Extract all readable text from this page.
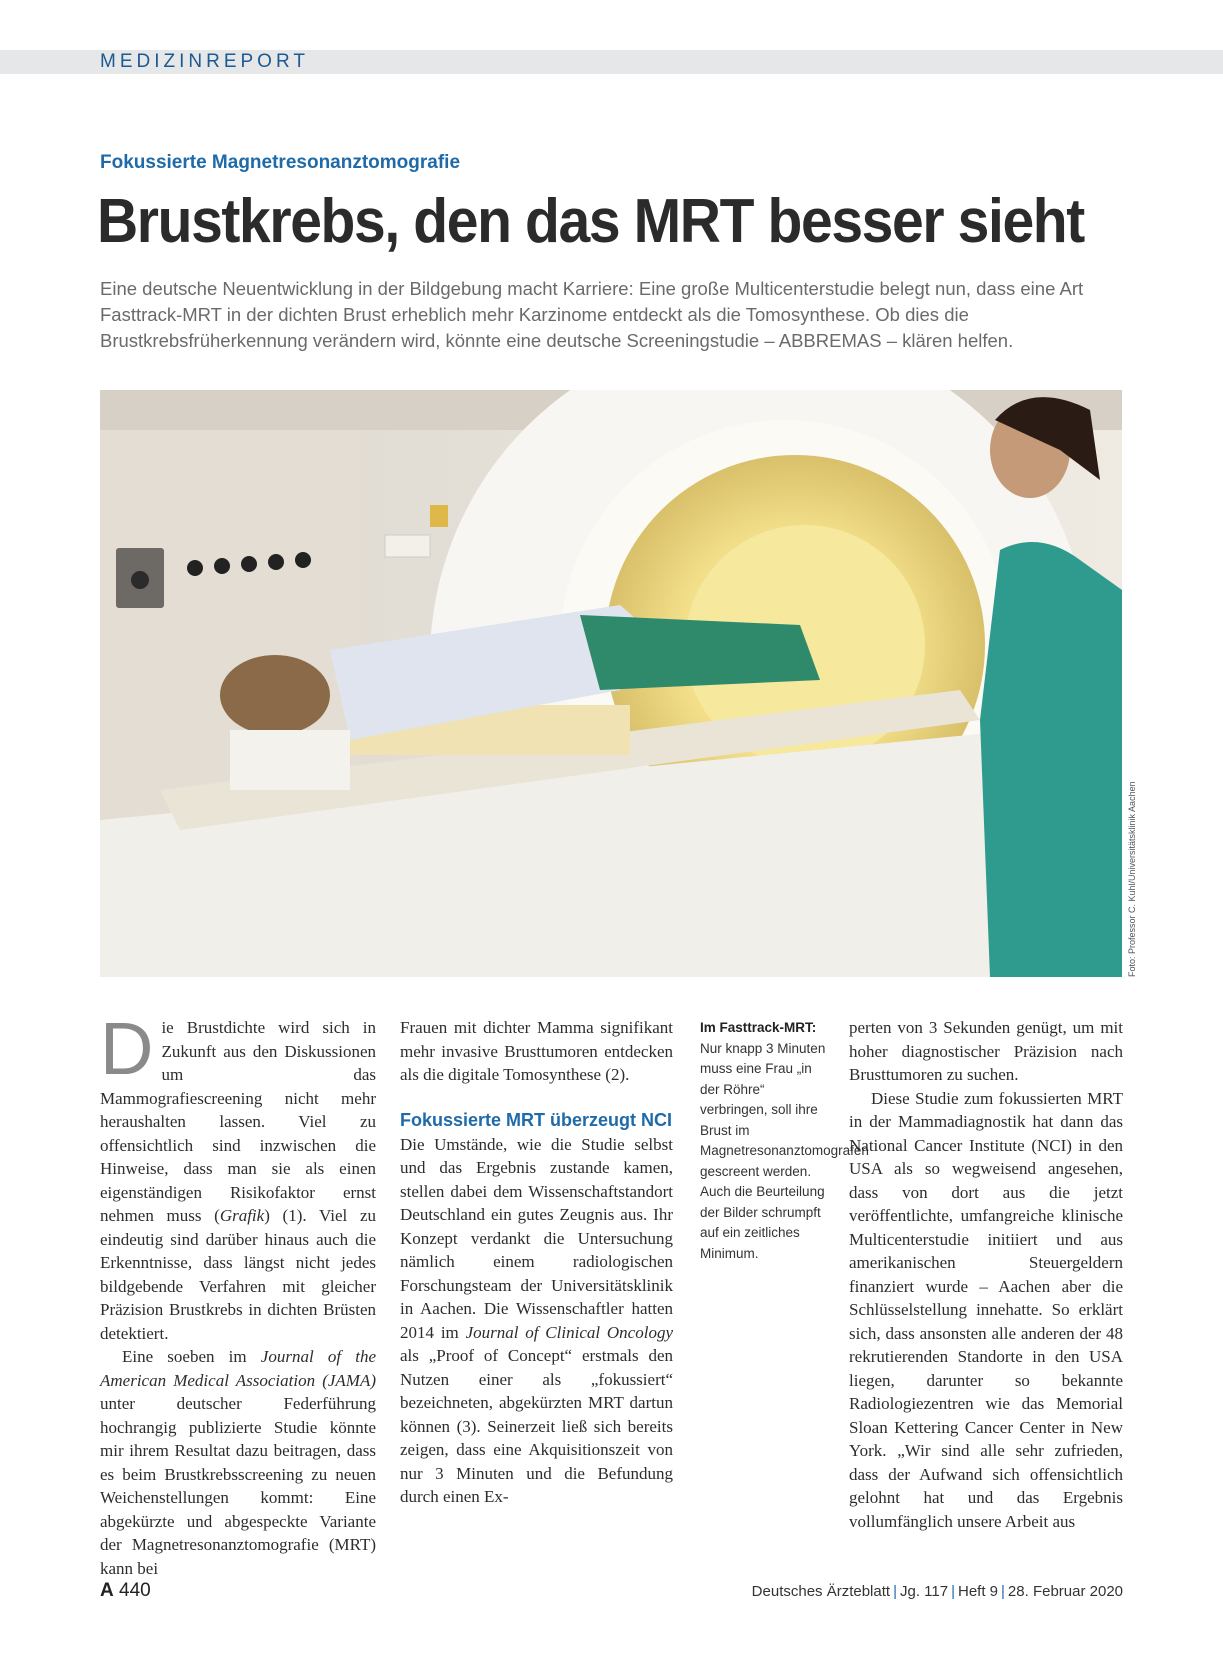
MEDIZINREPORT
Fokussierte Magnetresonanztomografie
Brustkrebs, den das MRT besser sieht

Eine deutsche Neuentwicklung in der Bildgebung macht Karriere: Eine große Multicenterstudie belegt nun, dass eine Art Fasttrack-MRT in der dichten Brust erheblich mehr Karzinome entdeckt als die Tomosynthese. Ob dies die Brustkrebsfrüherkennung verändern wird, könnte eine deutsche Screeningstudie – ABBREMAS – klären helfen.

Foto: Professor C. Kuhl/Universitätsklinik Aachen

Die Brustdichte wird sich in Zukunft aus den Diskussionen um das Mammografiescreening nicht mehr heraushalten lassen. Viel zu offensichtlich sind inzwischen die Hinweise, dass man sie als einen eigenständigen Risikofaktor ernst nehmen muss (Grafik) (1). Viel zu eindeutig sind darüber hinaus auch die Erkenntnisse, dass längst nicht jedes bildgebende Verfahren mit gleicher Präzision Brustkrebs in dichten Brüsten detektiert.

Eine soeben im Journal of the American Medical Association (JAMA) unter deutscher Federführung hochrangig publizierte Studie könnte mir ihrem Resultat dazu beitragen, dass es beim Brustkrebsscreening zu neuen Weichenstellungen kommt: Eine abgekürzte und abgespeckte Variante der Magnetresonanztomografie (MRT) kann bei

Frauen mit dichter Mamma signifikant mehr invasive Brusttumoren entdecken als die digitale Tomosynthese (2).

Fokussierte MRT überzeugt NCI

Die Umstände, wie die Studie selbst und das Ergebnis zustande kamen, stellen dabei dem Wissenschaftstandort Deutschland ein gutes Zeugnis aus. Ihr Konzept verdankt die Untersuchung nämlich einem radiologischen Forschungsteam der Universitätsklinik in Aachen. Die Wissenschaftler hatten 2014 im Journal of Clinical Oncology als „Proof of Concept“ erstmals den Nutzen einer als „fokussiert“ bezeichneten, abgekürzten MRT dartun können (3). Seinerzeit ließ sich bereits zeigen, dass eine Akquisitionszeit von nur 3 Minuten und die Befundung durch einen Ex-

Im Fasttrack-MRT:
Nur knapp 3 Minuten muss eine Frau „in der Röhre“ verbringen, soll ihre Brust im Magnetresonanztomografen gescreent werden. Auch die Beurteilung der Bilder schrumpft auf ein zeitliches Minimum.

perten von 3 Sekunden genügt, um mit hoher diagnostischer Präzision nach Brusttumoren zu suchen.

Diese Studie zum fokussierten MRT in der Mammadiagnostik hat dann das National Cancer Institute (NCI) in den USA als so wegweisend angesehen, dass von dort aus die jetzt veröffentlichte, umfangreiche klinische Multicenterstudie initiiert und aus amerikanischen Steuergeldern finanziert wurde – Aachen aber die Schlüsselstellung innehatte. So erklärt sich, dass ansonsten alle anderen der 48 rekrutierenden Standorte in den USA liegen, darunter so bekannte Radiologiezentren wie das Memorial Sloan Kettering Cancer Center in New York. „Wir sind alle sehr zufrieden, dass der Aufwand sich offensichtlich gelohnt hat und das Ergebnis vollumfänglich unsere Arbeit aus

A 440	Deutsches Ärzteblatt | Jg. 117 | Heft 9 | 28. Februar 2020
